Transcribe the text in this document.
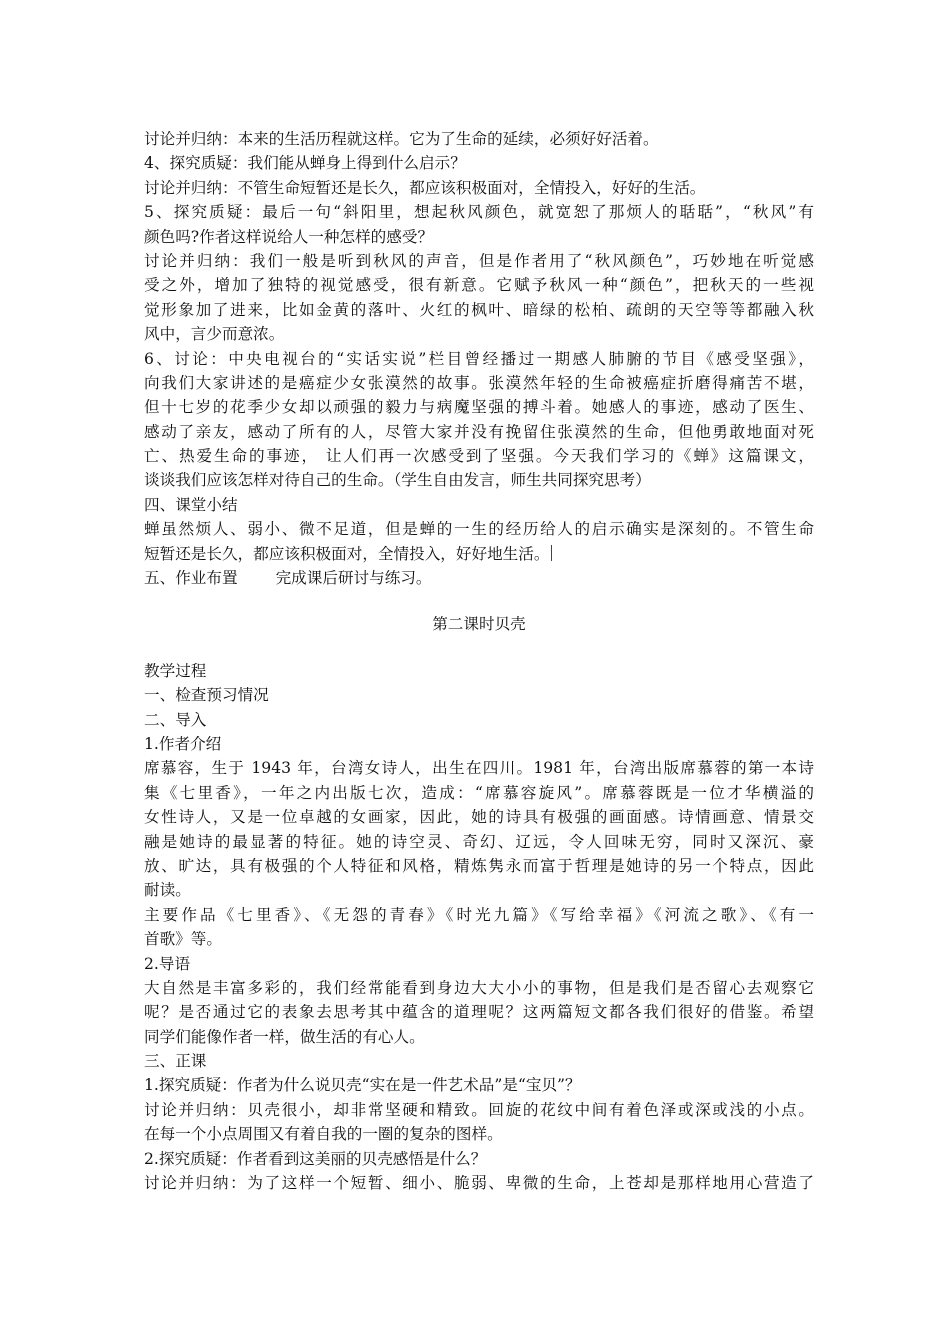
讨论并归纳：本来的生活历程就这样。它为了生命的延续，必须好好活着。
4、探究质疑：我们能从蝉身上得到什么启示？
讨论并归纳：不管生命短暂还是长久，都应该积极面对，全情投入，好好的生活。
5、探究质疑：最后一句“斜阳里，想起秋风颜色，就宽恕了那烦人的聒聒”，“秋风”有
颜色吗?作者这样说给人一种怎样的感受？
讨论并归纳：我们一般是听到秋风的声音，但是作者用了“秋风颜色”，巧妙地在听觉感
受之外，增加了独特的视觉感受，很有新意。它赋予秋风一种“颜色”，把秋天的一些视
觉形象加了进来，比如金黄的落叶、火红的枫叶、暗绿的松柏、疏朗的天空等等都融入秋
风中，言少而意浓。
6、讨论：中央电视台的“实话实说”栏目曾经播过一期感人肺腑的节目《感受坚强》，
向我们大家讲述的是癌症少女张漠然的故事。张漠然年轻的生命被癌症折磨得痛苦不堪，
但十七岁的花季少女却以顽强的毅力与病魔坚强的搏斗着。她感人的事迹，感动了医生、
感动了亲友，感动了所有的人，尽管大家并没有挽留住张漠然的生命，但他勇敢地面对死
亡、热爱生命的事迹， 让人们再一次感受到了坚强。今天我们学习的《蝉》这篇课文，
谈谈我们应该怎样对待自己的生命。（学生自由发言，师生共同探究思考）
四、课堂小结
蝉虽然烦人、弱小、微不足道，但是蝉的一生的经历给人的启示确实是深刻的。不管生命
短暂还是长久，都应该积极面对，全情投入，好好地生活。
五、作业布置 完成课后研讨与练习。
第二课时贝壳
教学过程
一、检查预习情况
二、导入
1.作者介绍
席慕容，生于 1943 年，台湾女诗人，出生在四川。1981 年，台湾出版席慕蓉的第一本诗
集《七里香》，一年之内出版七次，造成：“席慕容旋风”。席慕蓉既是一位才华横溢的
女性诗人，又是一位卓越的女画家，因此，她的诗具有极强的画面感。诗情画意、情景交
融是她诗的最显著的特征。她的诗空灵、奇幻、辽远，令人回味无穷，同时又深沉、豪
放、旷达，具有极强的个人特征和风格，精炼隽永而富于哲理是她诗的另一个特点，因此
耐读。
主要作品《七里香》、《无怨的青春》《时光九篇》《写给幸福》《河流之歌》、《有一
首歌》等。
2.导语
大自然是丰富多彩的，我们经常能看到身边大大小小的事物，但是我们是否留心去观察它
呢？是否通过它的表象去思考其中蕴含的道理呢？这两篇短文都各我们很好的借鉴。希望
同学们能像作者一样，做生活的有心人。
三、正课
1.探究质疑：作者为什么说贝壳“实在是一件艺术品”是“宝贝”？
讨论并归纳：贝壳很小，却非常坚硬和精致。回旋的花纹中间有着色泽或深或浅的小点。
在每一个小点周围又有着自我的一圈的复杂的图样。
2.探究质疑：作者看到这美丽的贝壳感悟是什么？
讨论并归纳：为了这样一个短暂、细小、脆弱、卑微的生命，上苍却是那样地用心营造了
